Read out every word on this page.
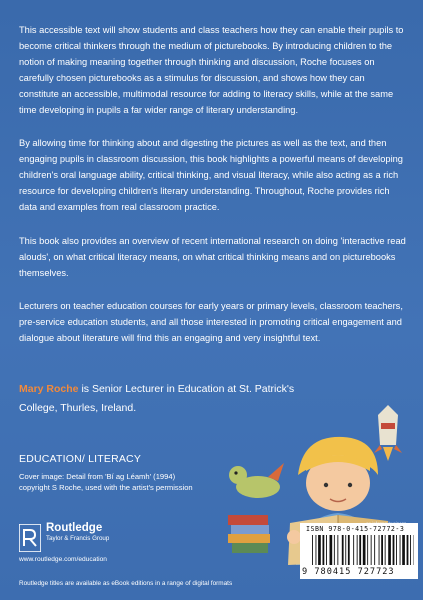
This accessible text will show students and class teachers how they can enable their pupils to become critical thinkers through the medium of picturebooks. By introducing children to the notion of making meaning together through thinking and discussion, Roche focuses on carefully chosen picturebooks as a stimulus for discussion, and shows how they can constitute an accessible, multimodal resource for adding to literacy skills, while at the same time developing in pupils a far wider range of literary understanding.

By allowing time for thinking about and digesting the pictures as well as the text, and then engaging pupils in classroom discussion, this book highlights a powerful means of developing children's oral language ability, critical thinking, and visual literacy, while also acting as a rich resource for developing children's literary understanding. Throughout, Roche provides rich data and examples from real classroom practice.

This book also provides an overview of recent international research on doing 'interactive read alouds', on what critical literacy means, on what critical thinking means and on picturebooks themselves.

Lecturers on teacher education courses for early years or primary levels, classroom teachers, pre-service education students, and all those interested in promoting critical engagement and dialogue about literature will find this an engaging and very insightful text.

Mary Roche is Senior Lecturer in Education at St. Patrick's College, Thurles, Ireland.
EDUCATION/ LITERACY
Cover image: Detail from 'Bí ag Léamh' (1994)
copyright S Roche, used with the artist's permission
Routledge
Taylor & Francis Group
www.routledge.com/education
ISBN 978-0-415-72772-3
9 780415 727723
Routledge titles are available as eBook editions in a range of digital formats
